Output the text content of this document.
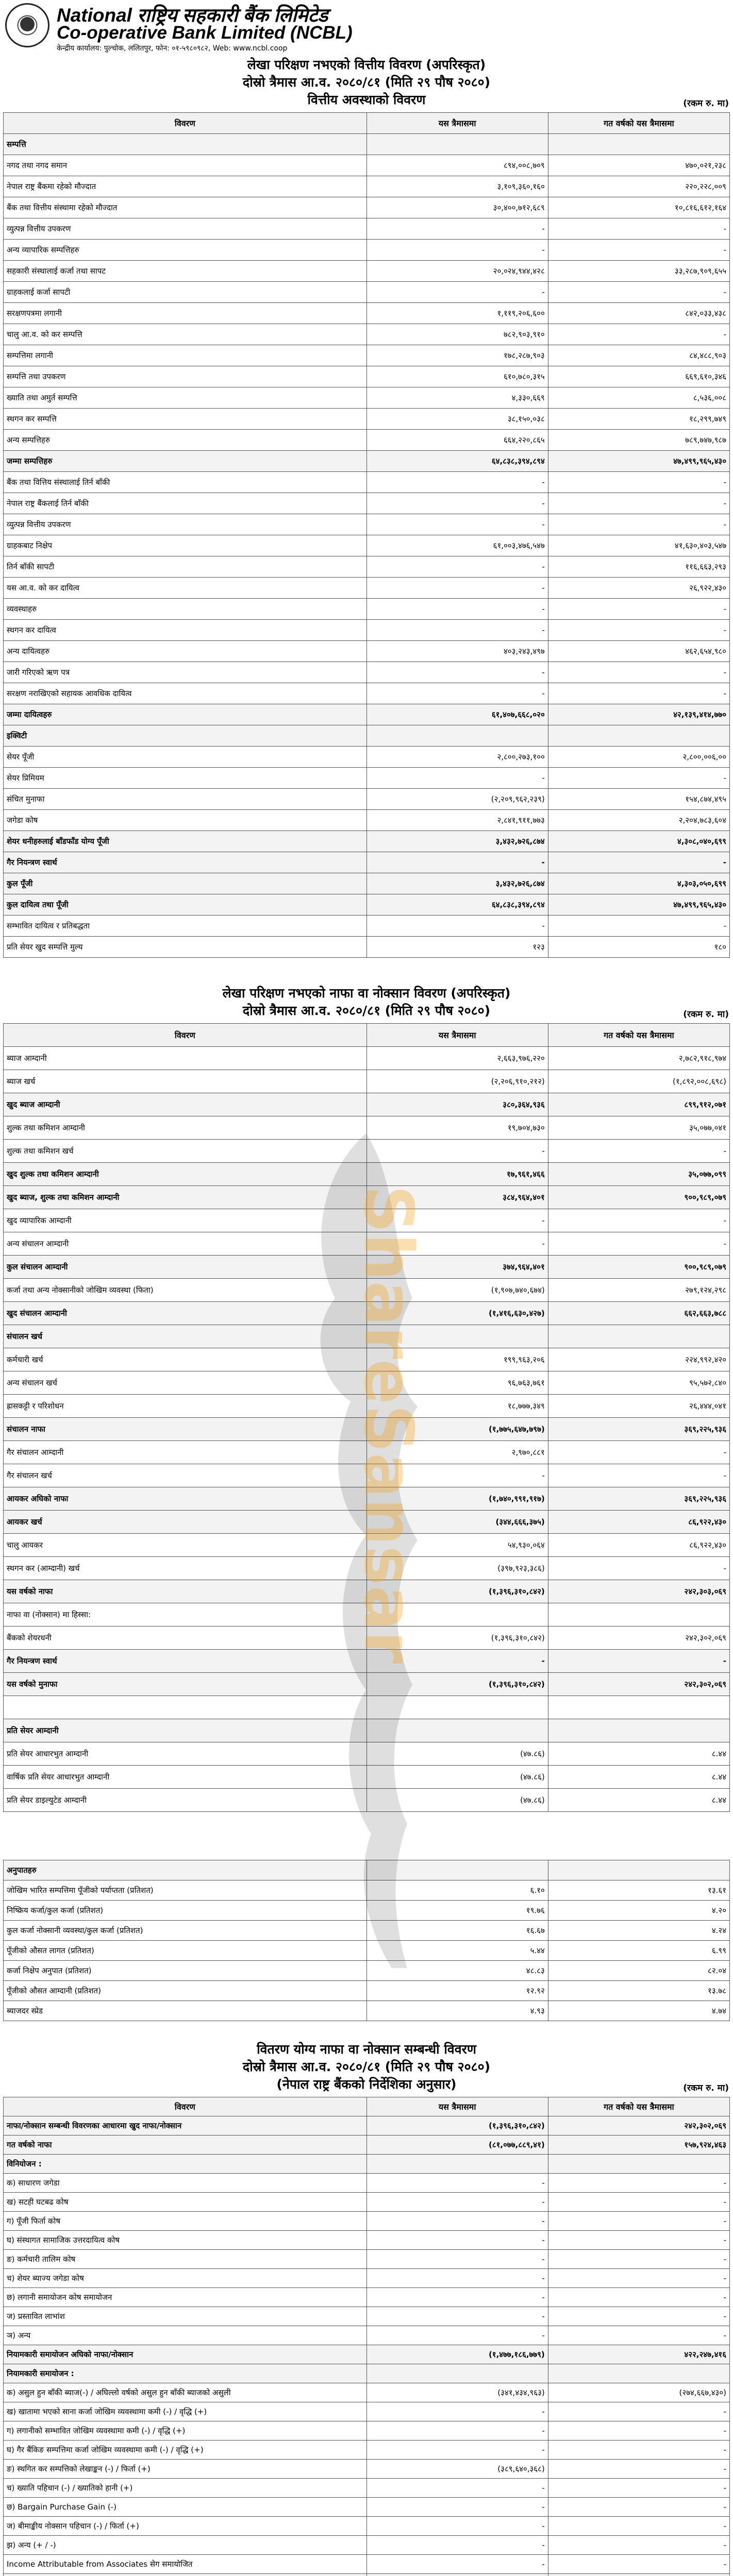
National राष्ट्रिय सहकारी बैंक लिमिटेड
Co-operative Bank Limited (NCBL)
केन्द्रीय कार्यालय: पुल्चोक, ललितपुर, फोन: ०१-५९८०९८२, Web: www.ncbl.coop
लेखा परिक्षण नभएको वित्तीय विवरण (अपरिस्कृत)
दोस्रो त्रैमास आ.व. २०८०/८१ (मिति २९ पौष २०८०)
वित्तीय अवस्थाको विवरण	(रकम रु. मा)
विवरण	यस त्रैमासमा	गत वर्षको यस त्रैमासमा
सम्पत्ति		
नगद तथा नगद समान	८९४,००८,७०९	४७०,०२१,२३८
नेपाल राष्ट्र बैंकमा रहेको मौज्दात	३,१०९,३६०,१६०	२२०,२२८,००९
बैंक तथा वित्तीय संस्थामा रहेको मौज्दात	३०,४००,७१२,६८९	१०,८१६,६१२,१६४
व्युत्पन्न वित्तीय उपकरण	-	-
अन्य व्यापारिक सम्पत्तिहरु	-	-
सहकारी संस्थालाई कर्जा तथा सापट	२०,०२४,९४४,४२८	३३,२८७,९०९,६५५
ग्राहकलाई कर्जा सापटी	-	-
सरक्षणपत्रमा लगानी	१,११९,२०६,६००	८४२,०३३,४३८
चालु आ.व. को कर सम्पत्ति	७८२,९०३,९१०	-
सम्पत्तिमा लगानी	१७८,२८७,९०३	८४,४८८,९०३
सम्पत्ति तथा उपकरण	६१०,७८०,३१५	६६९,६१०,३४६
ख्याति तथा अमुर्त सम्पत्ति	४,३३०,६६९	८,५३६,००८
स्थगन कर सम्पत्ति	३८,१५०,०३८	१८,२९९,७४९
अन्य सम्पत्तिहरु	६६४,२२०,८६५	७८९,७४७,९८७
जम्मा सम्पत्तिहरु	६४,८३८,३९४,८९४	४७,४९९,९६५,४३०
बैंक तथा वित्तिय संस्थालाई तिर्न बाँकी	-	-
नेपाल राष्ट्र बैंकलाई तिर्न बाँकी	-	-
व्युत्पन्न वित्तीय उपकरण	-	-
ग्राहकबाट निक्षेप	६१,००३,४७६,५४७	४१,६३०,४०३,५४७
तिर्न बाँकी सापटी	-	११६,६६३,२९३
यस आ.व. को कर दायित्व	-	२६,९२२,४३०
व्यवस्थाहरु	-	-
स्थगन कर दायित्व	-	-
अन्य दायित्वहरु	४०३,२४३,४९७	४६२,६५४,९८०
जारी गरिएको ऋण पत्र	-	-
सरक्षण नराखिएको सहायक आवधिक दायित्व	-	-
जम्मा दायित्वहरु	६१,४०७,६६८,०२०	४२,१३९,४१४,७७०
इक्विटी		
सेयर पूँजी	२,८००,२७३,१००	२,८००,००६,००
सेयर प्रिमियम	-	-
संचित मुनाफा	(२,२०९,९६२,२३९)	१५४,८७४,४९५
जगेडा कोष	२,८४१,९११,७७३	२,२०४,७८३,६०४
शेयर धनीहरुलाई बाँडफाँड योग्य पूँजी	३,४३२,७२६,८७४	४,३०८,०४०,६९९
गैर नियन्त्रण स्वार्थ	-	-
कुल पूँजी	३,४३२,७२६,८७४	४,३०३,०५०,६९९
कुल दायित्व तथा पूँजी	६४,८३८,३९४,८९४	४७,४९९,९६५,४३०
सम्भावित दायित्व र प्रतिबद्धता	-	-
प्रति सेयर खुद सम्पत्ति मुल्य	१२३	१८०
लेखा परिक्षण नभएको नाफा वा नोक्सान विवरण (अपरिस्कृत)
दोस्रो त्रैमास आ.व. २०८०/८१ (मिति २९ पौष २०८०)	(रकम रु. मा)
विवरण	यस त्रैमासमा	गत वर्षको यस त्रैमासमा
ब्याज आम्दानी	२,६६३,९७६,२२०	२,७८२,९१८,९७४
ब्याज खर्च	(२,२०६,९१०,२१२)	(१,८९२,००८,६९८)
खुद ब्याज आम्दानी	३८०,३६४,९३६	८९९,९१२,०७१
शुल्क तथा कमिशन आम्दानी	१९,७०४,७३०	३५,०७७,०४१
शुल्क तथा कमिशन खर्च	-	-
खुद शुल्क तथा कमिशन आम्दानी	१७,९६१,४६६	३५,०७७,०९९
खुद ब्याज, शुल्क तथा कमिशन आम्दानी	३८४,९६४,४०१	९००,९८९,०७९
खुद व्यापारिक आम्दानी	-	-
अन्य संचालन आम्दानी	-	-
कुल संचालन आम्दानी	३७४,९६४,४०१	९००,९८९,०७९
कर्जा तथा अन्य नोक्सानीको जोखिम व्यवस्था (फिता)	(१,९०७,७४०,६७४)	२७९,१२४,२९८
खुद संचालन आम्दानी	(१,४१६,६३०,४२७)	६६२,६६३,७८८
संचालन खर्च		
कर्मचारी खर्च	१९९,९६३,२०६	२२४,९९२,४२०
अन्य संचालन खर्च	९६,७६३,७६१	९५,५७२,८४०
ह्रासकट्टी र परिशोधन	१८,७७७,३४९	२६,४४४,०४१
संचालन नाफा	(१,७७५,६४७,७९७)	३६९,२२५,९३६
गैर संचालन आम्दानी	२,९७०,८८१	-
गैर संचालन खर्च	-	-
आयकर अघिको नाफा	(१,७४०,९९१,९१७)	३६९,२२५,९३६
आयकर खर्च	(३४४,६६६,३७५)	८६,९२२,४३०
चालु आयकर	५४,९३०,०६४	८६,९२२,४३०
स्थगन कर (आम्दानी) खर्च	(३९७,९२३,३८६)	-
यस वर्षको नाफा	(१,३९६,३१०,८४२)	२४२,३०३,०६९
नाफा वा (नोक्सान) मा हिस्सा:		
बैंकको शेयरधनी	(१,३९६,३१०,८४२)	२४२,३०२,०६९
गैर नियन्त्रण स्वार्थ	-	-
यस वर्षको मुनाफा	(१,३९६,३१०,८४२)	२४२,३०२,०६९

प्रति सेयर आम्दानी		
प्रति सेयर आधारभुत आम्दानी	(४७.८६)	८.४४
वार्षिक प्रति सेयर आधारभुत आम्दानी	(४७.८६)	८.४४
प्रति सेयर डाइल्युटेड आम्दानी	(४७.८६)	८.४४
अनुपातहरु		
जोखिम भारित सम्पत्तिमा पूँजीको पर्याप्तता (प्रतिशत)	६.१०	१३.६१
निष्क्रिय कर्जा/कुल कर्जा (प्रतिशत)	१९.७६	४.२०
कुल कर्जा नोक्सानी व्यवस्था/कुल कर्जा (प्रतिशत)	१६.६७	४.२४
पूँजीको औसत लागत (प्रतिशत)	५.४४	६.९९
कर्जा निक्षेप अनुपात (प्रतिशत)	४८.८३	८२.०४
पूँजीको औसत आम्दानी (प्रतिशत)	१२.९२	१३.७८
ब्याजदर स्प्रेड	४.९३	४.७४
वितरण योग्य नाफा वा नोक्सान सम्बन्धी विवरण
दोस्रो त्रैमास आ.व. २०८०/८१ (मिति २९ पौष २०८०)
(नेपाल राष्ट्र बैंकको निर्देशिका अनुसार)	(रकम रु. मा)
विवरण	यस त्रैमासमा	गत वर्षको यस त्रैमासमा
नाफा/नोक्सान सम्बन्धी विवरणका आधारमा खुद नाफा/नोक्सान	(१,३९६,३१०,८४२)	२४२,३०२,०६९
गत वर्षको नाफा	(८१,०७७,८८९,४१)	१५७,९२४,४६३
विनियोजन :		
क) साधारण जगेडा	-	-
ख) सटही घटबढ कोष	-	-
ग) पूँजी फिर्ता कोष	-	-
घ) संस्थागत सामाजिक उत्तरदायित्व कोष	-	-
ङ) कर्मचारी तालिम कोष	-	-
च) शेयर ब्याज्य जगेडा कोष	-	-
छ) लगानी समायोजन कोष समायोजन	-	-
ज) प्रस्तावित लाभांश	-	-
ञ) अन्य	-	-
नियामकारी समायोजन अघिको नाफा/नोक्सान	(१,४७७,१८६,७७९)	४२२,२४७,४१६
नियामकारी समायोजन :		
क) असुल हुन बाँकी ब्याज(-) / अघिल्लो वर्षको असुल हुन बाँकी ब्याजको असुली	(३४१,४३४,९६३)	(२७४,६६७,४३०)
ख) खातामा भएको साना कर्जा जोखिम व्यवस्थामा कमी (-) / वृद्धि (+)	-	-
ग) लगानीको सम्भावित जोखिम व्यवस्थामा कमी (-) / वृद्धि (+)	-	-
घ) गैर बैंकिङ सम्पत्तिमा कर्जा जोखिम व्यवस्थामा कमी (-) / वृद्धि (+)	-	-
ङ) स्थगित कर सम्पत्तिको लेखाङ्कन (-) / फिर्ता (+)	(३८९,६४०,३६८)	-
च) ख्याति पहिचान (-) / ख्यातिको हानी (+)	-	-
छ) Bargain Purchase Gain (-)	-	-
ज) बीमाङ्कीय नोक्सान पहिचान (-) / फिर्ता (+)	-	-
झ) अन्य (+ / -)	-	-
Income Attributable from Associates सेग समायोजित	-	-

ShareSansar
